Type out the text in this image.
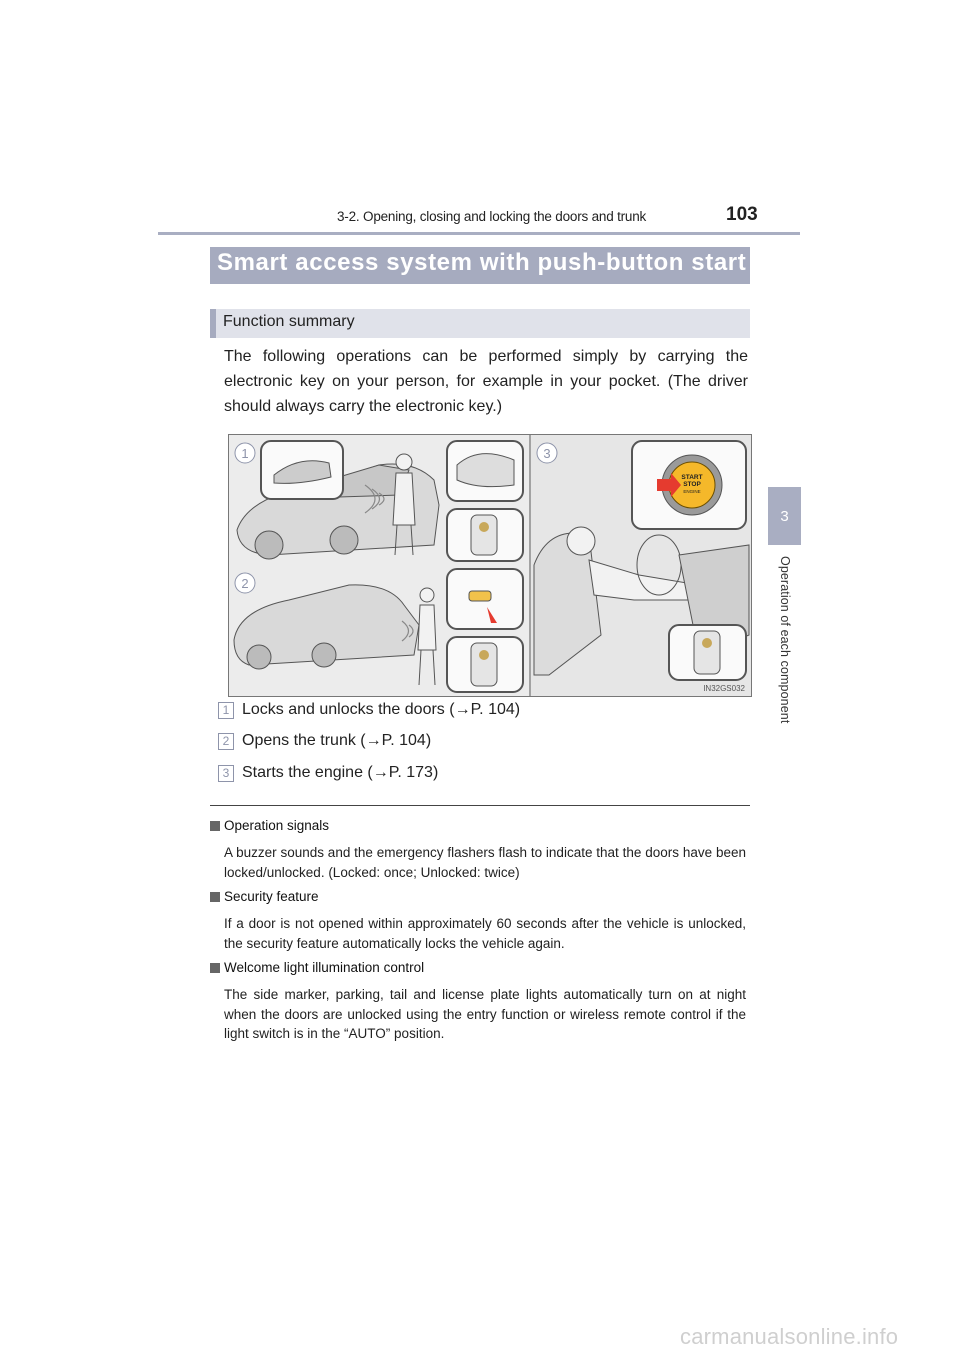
3-2. Opening, closing and locking the doors and trunk	103
3
Operation of each component
Smart access system with push-button start
Function summary
The following operations can be performed simply by carrying the electronic key on your person, for example in your pocket. (The driver should always carry the electronic key.)
START
STOP
ENGINE
1
2
3
IN32GS032
1 Locks and unlocks the doors (→P. 104)
2 Opens the trunk (→P. 104)
3 Starts the engine (→P. 173)
Operation signals
A buzzer sounds and the emergency flashers flash to indicate that the doors have been locked/unlocked. (Locked: once; Unlocked: twice)
Security feature
If a door is not opened within approximately 60 seconds after the vehicle is unlocked, the security feature automatically locks the vehicle again.
Welcome light illumination control
The side marker, parking, tail and license plate lights automatically turn on at night when the doors are unlocked using the entry function or wireless remote control if the light switch is in the “AUTO” position.
carmanualsonline.info
